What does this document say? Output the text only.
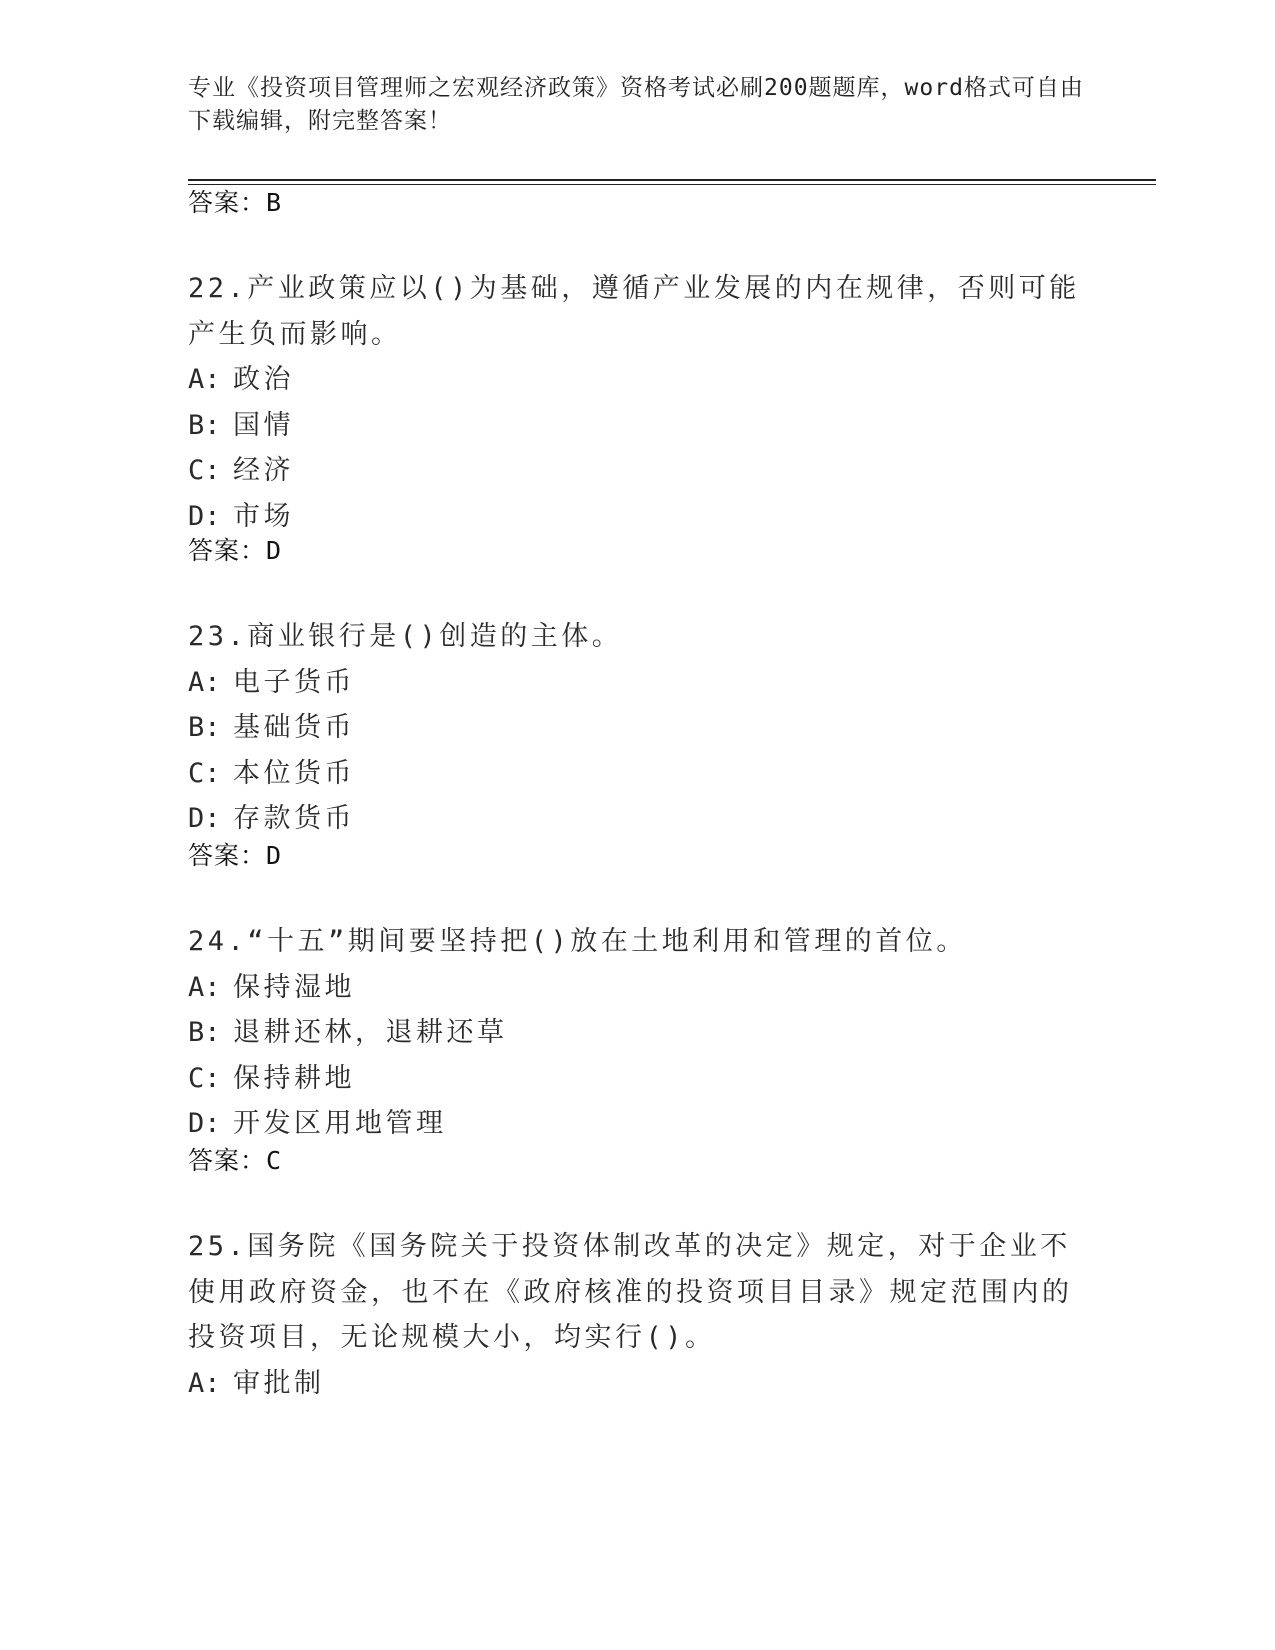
专业《投资项目管理师之宏观经济政策》资格考试必刷200题题库，word格式可自由下载编辑，附完整答案！
答案：B

22.产业政策应以()为基础，遵循产业发展的内在规律，否则可能产生负而影响。

A: 政治

B: 国情

C: 经济

D: 市场

答案：D

23.商业银行是()创造的主体。

A: 电子货币

B: 基础货币

C: 本位货币

D: 存款货币

答案：D

24.“十五”期间要坚持把()放在土地利用和管理的首位。

A: 保持湿地

B: 退耕还林，退耕还草

C: 保持耕地

D: 开发区用地管理

答案：C

25.国务院《国务院关于投资体制改革的决定》规定，对于企业不使用政府资金，也不在《政府核准的投资项目目录》规定范围内的投资项目，无论规模大小，均实行()。

A: 审批制
